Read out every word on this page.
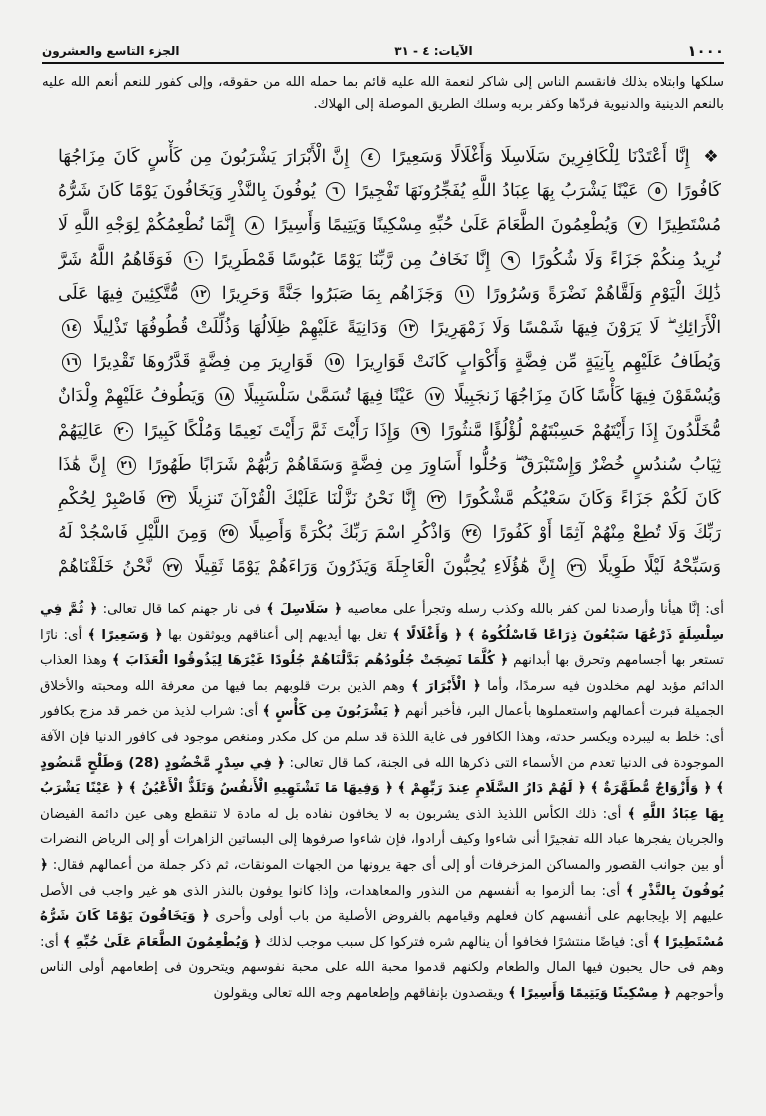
١٠٠٠
الآيات: ٤ - ٣١
الجزء التاسع والعشرون
سلكها وابتلاه بذلك فانقسم الناس إلى شاكر لنعمة الله عليه قائم بما حمله الله من حقوقه، وإلى كفور للنعم أنعم الله عليه بالنعم الدينية والدنيوية فردّها وكفر بربه وسلك الطريق الموصلة إلى الهلاك.
❖ إِنَّا أَعْتَدْنَا لِلْكَافِرِينَ سَلَاسِلَا وَأَغْلَالًا وَسَعِيرًا ٤ إِنَّ الْأَبْرَارَ يَشْرَبُونَ مِن كَأْسٍ كَانَ مِزَاجُهَا كَافُورًا ٥ عَيْنًا يَشْرَبُ بِهَا عِبَادُ اللَّهِ يُفَجِّرُونَهَا تَفْجِيرًا ٦ يُوفُونَ بِالنَّذْرِ وَيَخَافُونَ يَوْمًا كَانَ شَرُّهُ مُسْتَطِيرًا ٧ وَيُطْعِمُونَ الطَّعَامَ عَلَىٰ حُبِّهِ مِسْكِينًا وَيَتِيمًا وَأَسِيرًا ٨ إِنَّمَا نُطْعِمُكُمْ لِوَجْهِ اللَّهِ لَا نُرِيدُ مِنكُمْ جَزَاءً وَلَا شُكُورًا ٩ إِنَّا نَخَافُ مِن رَّبِّنَا يَوْمًا عَبُوسًا قَمْطَرِيرًا ١٠ فَوَقَاهُمُ اللَّهُ شَرَّ ذَٰلِكَ الْيَوْمِ وَلَقَّاهُمْ نَضْرَةً وَسُرُورًا ١١ وَجَزَاهُم بِمَا صَبَرُوا جَنَّةً وَحَرِيرًا ١٢ مُّتَّكِئِينَ فِيهَا عَلَى الْأَرَائِكِ ۖ لَا يَرَوْنَ فِيهَا شَمْسًا وَلَا زَمْهَرِيرًا ١٣ وَدَانِيَةً عَلَيْهِمْ ظِلَالُهَا وَذُلِّلَتْ قُطُوفُهَا تَذْلِيلًا ١٤ وَيُطَافُ عَلَيْهِم بِآنِيَةٍ مِّن فِضَّةٍ وَأَكْوَابٍ كَانَتْ قَوَارِيرَا ١٥ قَوَارِيرَ مِن فِضَّةٍ قَدَّرُوهَا تَقْدِيرًا ١٦ وَيُسْقَوْنَ فِيهَا كَأْسًا كَانَ مِزَاجُهَا زَنجَبِيلًا ١٧ عَيْنًا فِيهَا تُسَمَّىٰ سَلْسَبِيلًا ١٨ وَيَطُوفُ عَلَيْهِمْ وِلْدَانٌ مُّخَلَّدُونَ إِذَا رَأَيْتَهُمْ حَسِبْتَهُمْ لُؤْلُؤًا مَّنثُورًا ١٩ وَإِذَا رَأَيْتَ ثَمَّ رَأَيْتَ نَعِيمًا وَمُلْكًا كَبِيرًا ٢٠ عَالِيَهُمْ ثِيَابُ سُندُسٍ خُضْرٌ وَإِسْتَبْرَقٌ ۖ وَحُلُّوا أَسَاوِرَ مِن فِضَّةٍ وَسَقَاهُمْ رَبُّهُمْ شَرَابًا طَهُورًا ٢١ إِنَّ هَٰذَا كَانَ لَكُمْ جَزَاءً وَكَانَ سَعْيُكُم مَّشْكُورًا ٢٢ إِنَّا نَحْنُ نَزَّلْنَا عَلَيْكَ الْقُرْآنَ تَنزِيلًا ٢٣ فَاصْبِرْ لِحُكْمِ رَبِّكَ وَلَا تُطِعْ مِنْهُمْ آثِمًا أَوْ كَفُورًا ٢٤ وَاذْكُرِ اسْمَ رَبِّكَ بُكْرَةً وَأَصِيلًا ٢٥ وَمِنَ اللَّيْلِ فَاسْجُدْ لَهُ وَسَبِّحْهُ لَيْلًا طَوِيلًا ٢٦ إِنَّ هَٰؤُلَاءِ يُحِبُّونَ الْعَاجِلَةَ وَيَذَرُونَ وَرَاءَهُمْ يَوْمًا ثَقِيلًا ٢٧ نَّحْنُ خَلَقْنَاهُمْ
أى: إنَّا هيأنا وأرصدنا لمن كفر بالله وكذب رسله وتجرأ على معاصيه ﴿ سَلَاسِلَ ﴾ فى نار جهنم كما قال تعالى: ﴿ ثُمَّ فِي سِلْسِلَةٍ ذَرْعُهَا سَبْعُونَ ذِرَاعًا فَاسْلُكُوهُ ﴾ ﴿ وَأَغْلَالًا ﴾ تغل بها أيديهم إلى أعناقهم ويوثقون بها ﴿ وَسَعِيرًا ﴾ أى: نارًا تستعر بها أجسامهم وتحرق بها أبدانهم ﴿ كُلَّمَا نَضِجَتْ جُلُودُهُم بَدَّلْنَاهُمْ جُلُودًا غَيْرَهَا لِيَذُوقُوا الْعَذَابَ ﴾ وهذا العذاب الدائم مؤبد لهم مخلدون فيه سرمدًا، وأما ﴿ الْأَبْرَارَ ﴾ وهم الذين برت قلوبهم بما فيها من معرفة الله ومحبته والأخلاق الجميلة فبرت أعمالهم واستعملوها بأعمال البر، فأخبر أنهم ﴿ يَشْرَبُونَ مِن كَأْسٍ ﴾ أى: شراب لذيذ من خمر قد مزج بكافور أى: خلط به ليبرده ويكسر حدته، وهذا الكافور فى غاية اللذة قد سلم من كل مكدر ومنغص موجود فى كافور الدنيا فإن الآفة الموجودة فى الدنيا تعدم من الأسماء التى ذكرها الله فى الجنة، كما قال تعالى: ﴿ فِي سِدْرٍ مَّخْضُودٍ (28) وَطَلْحٍ مَّنضُودٍ ﴾ ﴿ وَأَزْوَاجٌ مُّطَهَّرَةٌ ﴾ ﴿ لَهُمْ دَارُ السَّلَامِ عِندَ رَبِّهِمْ ﴾ ﴿ وَفِيهَا مَا تَشْتَهِيهِ الْأَنفُسُ وَتَلَذُّ الْأَعْيُنُ ﴾ ﴿ عَيْنًا يَشْرَبُ بِهَا عِبَادُ اللَّهِ ﴾ أى: ذلك الكأس اللذيذ الذى يشربون به لا يخافون نفاده بل له مادة لا تنقطع وهى عين دائمة الفيضان والجريان يفجرها عباد الله تفجيرًا أنى شاءوا وكيف أرادوا، فإن شاءوا صرفوها إلى البساتين الزاهرات أو إلى الرياض النضرات أو بين جوانب القصور والمساكن المزخرفات أو إلى أى جهة يرونها من الجهات المونقات، ثم ذكر جملة من أعمالهم فقال: ﴿ يُوفُونَ بِالنَّذْرِ ﴾ أى: بما ألزموا به أنفسهم من النذور والمعاهدات، وإذا كانوا يوفون بالنذر الذى هو غير واجب فى الأصل عليهم إلا بإيجابهم على أنفسهم كان فعلهم وقيامهم بالفروض الأصلية من باب أولى وأحرى ﴿ وَيَخَافُونَ يَوْمًا كَانَ شَرُّهُ مُسْتَطِيرًا ﴾ أى: فياضًا منتشرًا فخافوا أن ينالهم شره فتركوا كل سبب موجب لذلك ﴿ وَيُطْعِمُونَ الطَّعَامَ عَلَىٰ حُبِّهِ ﴾ أى: وهم فى حال يحبون فيها المال والطعام ولكنهم قدموا محبة الله على محبة نفوسهم ويتحرون فى إطعامهم أولى الناس وأحوجهم ﴿ مِسْكِينًا وَيَتِيمًا وَأَسِيرًا ﴾ ويقصدون بإنفاقهم وإطعامهم وجه الله تعالى ويقولون
